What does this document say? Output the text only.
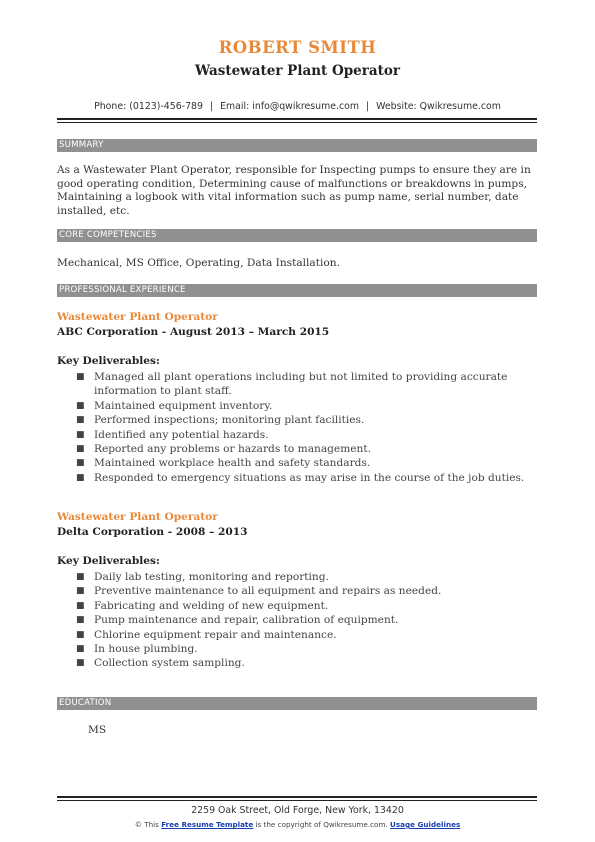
ROBERT SMITH
Wastewater Plant Operator
Phone: (0123)-456-789 | Email: info@qwikresume.com | Website: Qwikresume.com
SUMMARY
As a Wastewater Plant Operator, responsible for Inspecting pumps to ensure they are in good operating condition, Determining cause of malfunctions or breakdowns in pumps, Maintaining a logbook with vital information such as pump name, serial number, date installed, etc.
CORE COMPETENCIES
Mechanical, MS Office, Operating, Data Installation.
PROFESSIONAL EXPERIENCE
Wastewater Plant Operator
ABC Corporation - August 2013 – March 2015
Key Deliverables:
■ Managed all plant operations including but not limited to providing accurate information to plant staff.
■ Maintained equipment inventory.
■ Performed inspections; monitoring plant facilities.
■ Identified any potential hazards.
■ Reported any problems or hazards to management.
■ Maintained workplace health and safety standards.
■ Responded to emergency situations as may arise in the course of the job duties.
Wastewater Plant Operator
Delta Corporation - 2008 – 2013
Key Deliverables:
■ Daily lab testing, monitoring and reporting.
■ Preventive maintenance to all equipment and repairs as needed.
■ Fabricating and welding of new equipment.
■ Pump maintenance and repair, calibration of equipment.
■ Chlorine equipment repair and maintenance.
■ In house plumbing.
■ Collection system sampling.
EDUCATION
MS
2259 Oak Street, Old Forge, New York, 13420
© This Free Resume Template is the copyright of Qwikresume.com. Usage Guidelines
